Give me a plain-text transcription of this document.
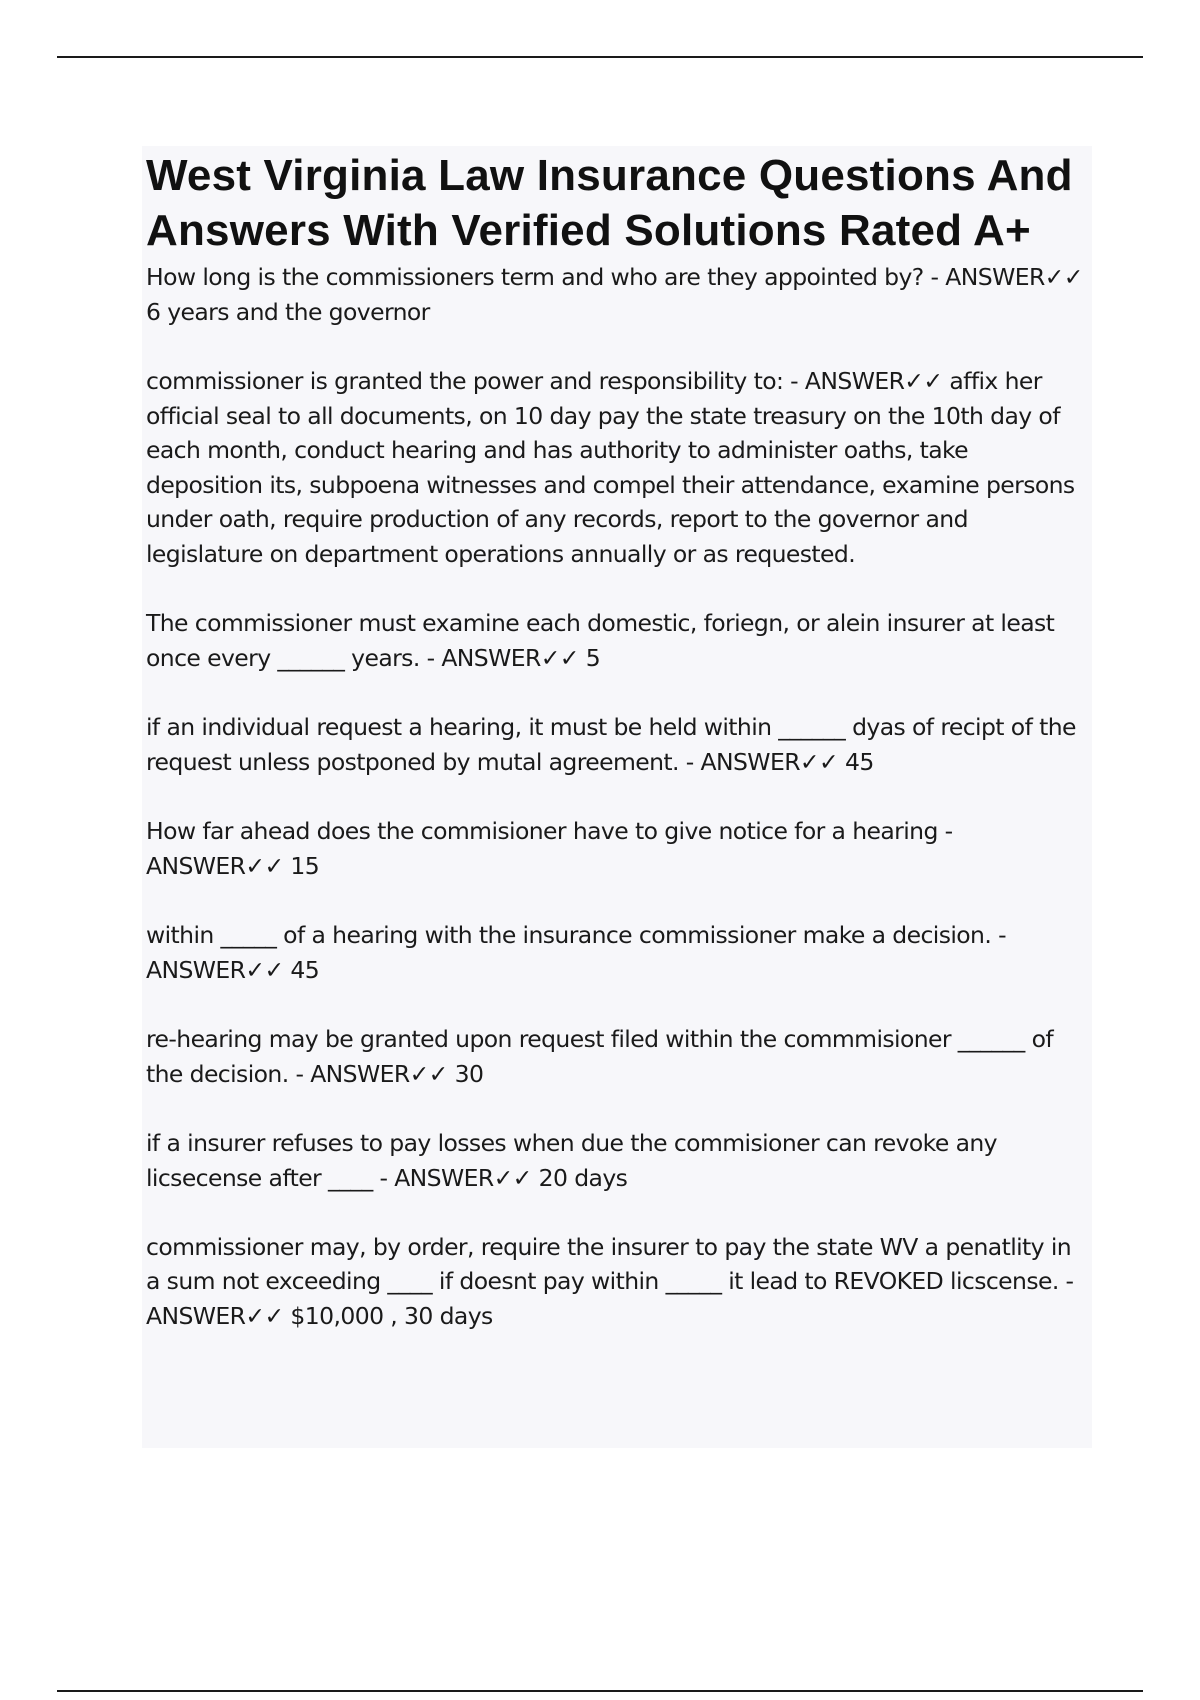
West Virginia Law Insurance Questions And Answers With Verified Solutions Rated A+

How long is the commissioners term and who are they appointed by? - ANSWER✓✓ 6 years and the governor

commissioner is granted the power and responsibility to: - ANSWER✓✓ affix her official seal to all documents, on 10 day pay the state treasury on the 10th day of each month, conduct hearing and has authority to administer oaths, take deposition its, subpoena witnesses and compel their attendance, examine persons under oath, require production of any records, report to the governor and legislature on department operations annually or as requested.

The commissioner must examine each domestic, foriegn, or alein insurer at least once every ______ years. - ANSWER✓✓ 5

if an individual request a hearing, it must be held within ______ dyas of recipt of the request unless postponed by mutal agreement. - ANSWER✓✓ 45

How far ahead does the commisioner have to give notice for a hearing - ANSWER✓✓ 15

within _____ of a hearing with the insurance commissioner make a decision. - ANSWER✓✓ 45

re-hearing may be granted upon request filed within the commmisioner ______ of the decision. - ANSWER✓✓ 30

if a insurer refuses to pay losses when due the commisioner can revoke any licsecense after ____ - ANSWER✓✓ 20 days

commissioner may, by order, require the insurer to pay the state WV a penatlity in a sum not exceeding ____ if doesnt pay within _____ it lead to REVOKED licscense. - ANSWER✓✓ $10,000 , 30 days
